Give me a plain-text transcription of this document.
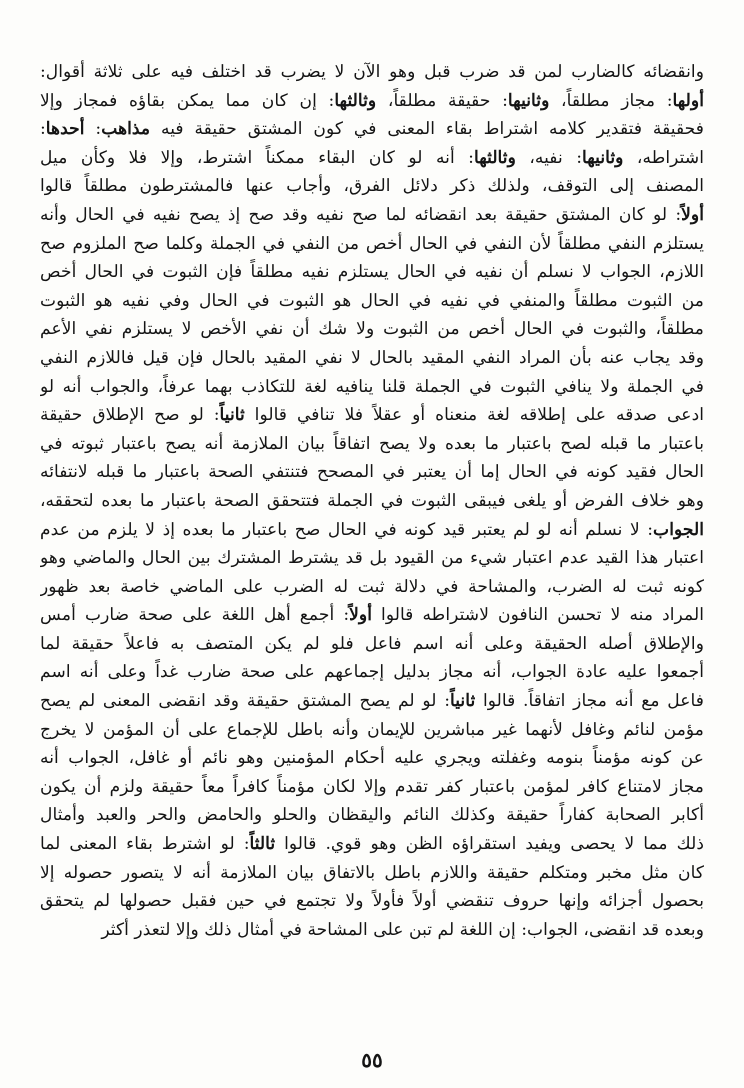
وانقضائه كالضارب لمن قد ضرب قبل وهو الآن لا يضرب قد اختلف فيه على ثلاثة أقوال:
أولها: مجاز مطلقاً، وثانيها: حقيقة مطلقاً، وثالثها: إن كان مما يمكن بقاؤه فمجاز وإلا
فحقيقة فتقدير كلامه اشتراط بقاء المعنى في كون المشتق حقيقة فيه مذاهب: أحدها:
اشتراطه، وثانيها: نفيه، وثالثها: أنه لو كان البقاء ممكناً اشترط، وإلا فلا وكأن ميل
المصنف إلى التوقف، ولذلك ذكر دلائل الفرق، وأجاب عنها فالمشترطون مطلقاً قالوا
أولاً: لو كان المشتق حقيقة بعد انقضائه لما صح نفيه وقد صح إذ يصح نفيه في الحال وأنه
يستلزم النفي مطلقاً لأن النفي في الحال أخص من النفي في الجملة وكلما صح الملزوم صح
اللازم، الجواب لا نسلم أن نفيه في الحال يستلزم نفيه مطلقاً فإن الثبوت في الحال أخص
من الثبوت مطلقاً والمنفي في نفيه في الحال هو الثبوت في الحال وفي نفيه هو الثبوت
مطلقاً، والثبوت في الحال أخص من الثبوت ولا شك أن نفي الأخص لا يستلزم نفي الأعم
وقد يجاب عنه بأن المراد النفي المقيد بالحال لا نفي المقيد بالحال فإن قيل فاللازم النفي
في الجملة ولا ينافي الثبوت في الجملة قلنا ينافيه لغة للتكاذب بهما عرفاً، والجواب أنه لو
ادعى صدقه على إطلاقه لغة منعناه أو عقلاً فلا تنافي قالوا ثانياً: لو صح الإطلاق حقيقة
باعتبار ما قبله لصح باعتبار ما بعده ولا يصح اتفاقاً بيان الملازمة أنه يصح باعتبار ثبوته في
الحال فقيد كونه في الحال إما أن يعتبر في المصحح فتنتفي الصحة باعتبار ما قبله لانتفائه
وهو خلاف الفرض أو يلغى فيبقى الثبوت في الجملة فتتحقق الصحة باعتبار ما بعده لتحققه،
الجواب: لا نسلم أنه لو لم يعتبر قيد كونه في الحال صح باعتبار ما بعده إذ لا يلزم من عدم
اعتبار هذا القيد عدم اعتبار شيء من القيود بل قد يشترط المشترك بين الحال والماضي وهو
كونه ثبت له الضرب، والمشاحة في دلالة ثبت له الضرب على الماضي خاصة بعد ظهور
المراد منه لا تحسن النافون لاشتراطه قالوا أولاً: أجمع أهل اللغة على صحة ضارب أمس
والإطلاق أصله الحقيقة وعلى أنه اسم فاعل فلو لم يكن المتصف به فاعلاً حقيقة لما
أجمعوا عليه عادة الجواب، أنه مجاز بدليل إجماعهم على صحة ضارب غداً وعلى أنه اسم
فاعل مع أنه مجاز اتفاقاً. قالوا ثانياً: لو لم يصح المشتق حقيقة وقد انقضى المعنى لم يصح
مؤمن لنائم وغافل لأنهما غير مباشرين للإيمان وأنه باطل للإجماع على أن المؤمن لا يخرج
عن كونه مؤمناً بنومه وغفلته ويجري عليه أحكام المؤمنين وهو نائم أو غافل، الجواب أنه
مجاز لامتناع كافر لمؤمن باعتبار كفر تقدم وإلا لكان مؤمناً كافراً معاً حقيقة ولزم أن يكون
أكابر الصحابة كفاراً حقيقة وكذلك النائم واليقظان والحلو والحامض والحر والعبد وأمثال
ذلك مما لا يحصى ويفيد استقراؤه الظن وهو قوي. قالوا ثالثاً: لو اشترط بقاء المعنى لما
كان مثل مخبر ومتكلم حقيقة واللازم باطل بالاتفاق بيان الملازمة أنه لا يتصور حصوله إلا
بحصول أجزائه وإنها حروف تنقضي أولاً فأولاً ولا تجتمع في حين فقبل حصولها لم يتحقق
وبعده قد انقضى، الجواب: إن اللغة لم تبن على المشاحة في أمثال ذلك وإلا لتعذر أكثر
٥٥
